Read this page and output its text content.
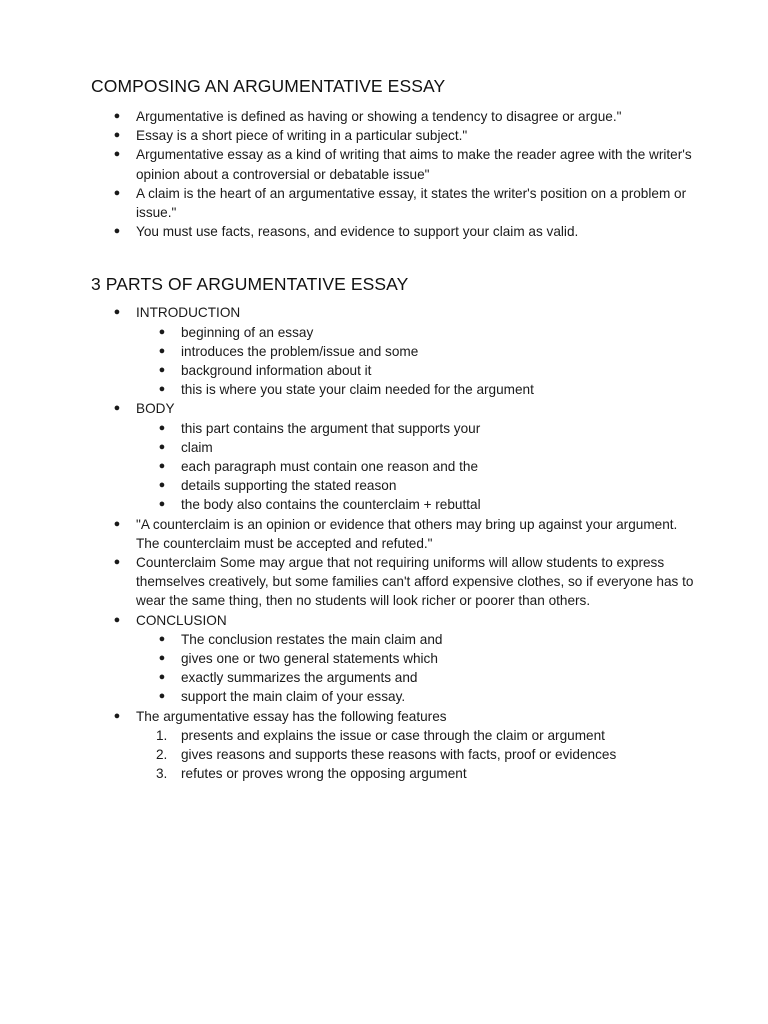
COMPOSING AN ARGUMENTATIVE ESSAY
● Argumentative is defined as having or showing a tendency to disagree or argue."
● Essay is a short piece of writing in a particular subject."
● Argumentative essay as a kind of writing that aims to make the reader agree with the writer's opinion about a controversial or debatable issue"
● A claim is the heart of an argumentative essay, it states the writer's position on a problem or issue."
● You must use facts, reasons, and evidence to support your claim as valid.
3 PARTS OF ARGUMENTATIVE ESSAY
● INTRODUCTION
● beginning of an essay
● introduces the problem/issue and some
● background information about it
● this is where you state your claim needed for the argument
● BODY
● this part contains the argument that supports your
● claim
● each paragraph must contain one reason and the
● details supporting the stated reason
● the body also contains the counterclaim + rebuttal
● "A counterclaim is an opinion or evidence that others may bring up against your argument. The counterclaim must be accepted and refuted."
● Counterclaim Some may argue that not requiring uniforms will allow students to express themselves creatively, but some families can't afford expensive clothes, so if everyone has to wear the same thing, then no students will look richer or poorer than others.
● CONCLUSION
● The conclusion restates the main claim and
● gives one or two general statements which
● exactly summarizes the arguments and
● support the main claim of your essay.
● The argumentative essay has the following features
1.	presents and explains the issue or case through the claim or argument
2.	gives reasons and supports these reasons with facts, proof or evidences
3.	refutes or proves wrong the opposing argument
